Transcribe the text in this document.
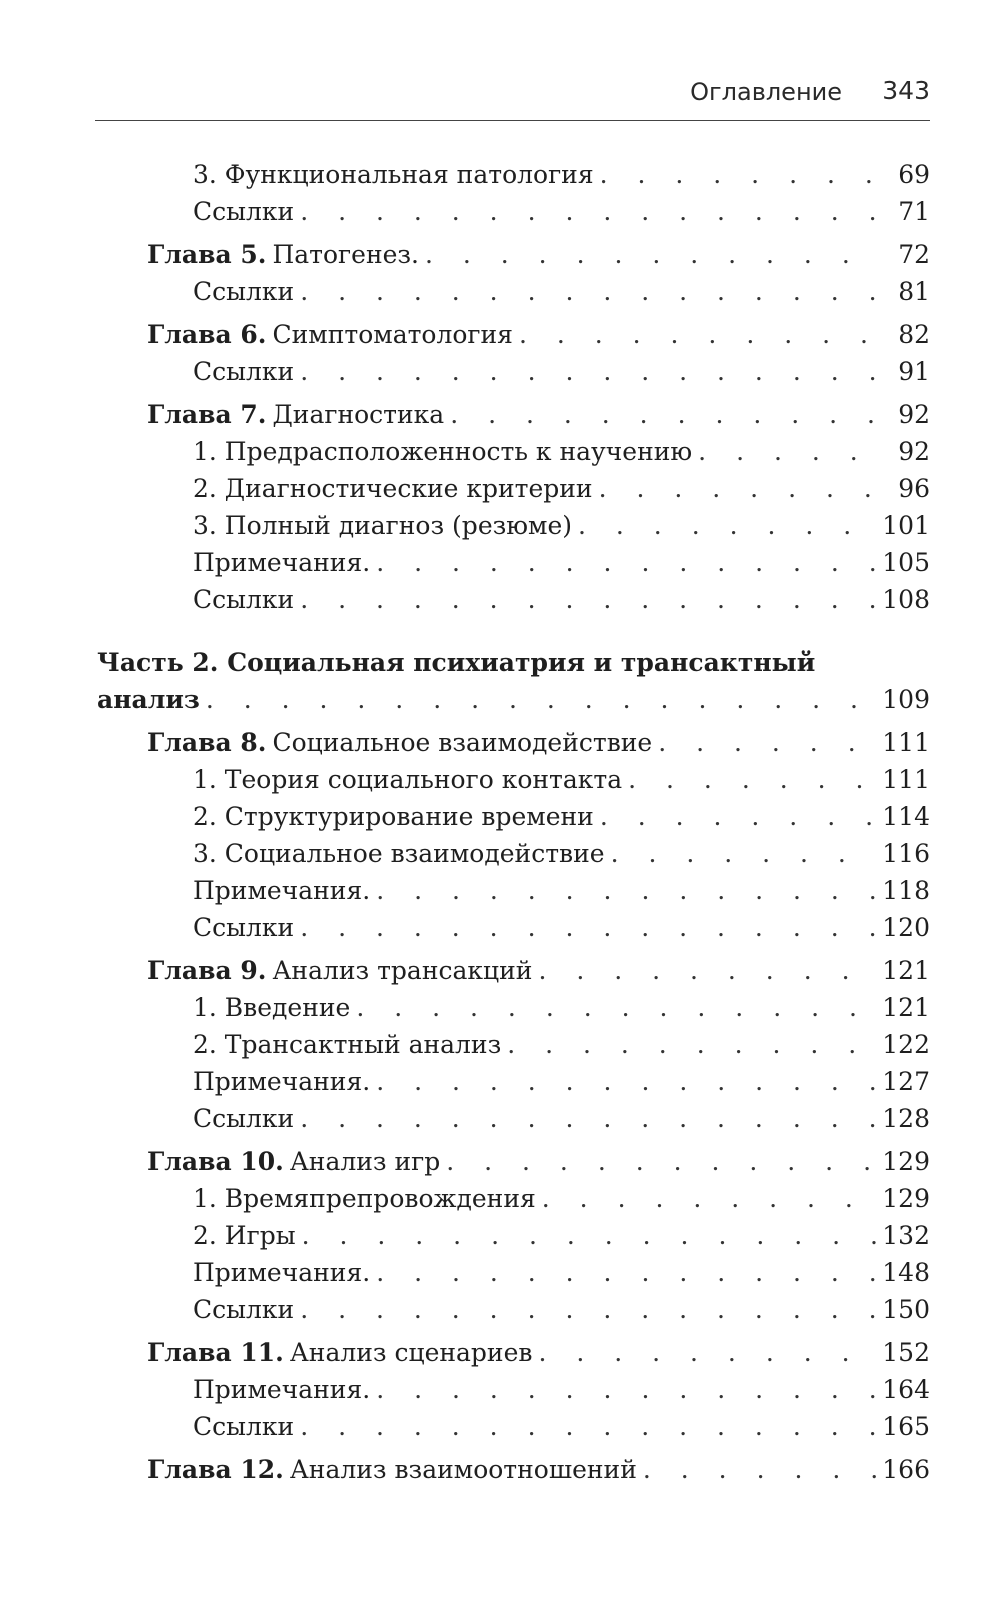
Оглавление 343
3. Функциональная патология . . .	69
Ссылки . . .	71
Глава 5. Патогенез. . . .	72
Ссылки . . .	81
Глава 6. Симптоматология . . .	82
Ссылки . . .	91
Глава 7. Диагностика . . .	92
1. Предрасположенность к научению . . .	92
2. Диагностические критерии . . .	96
3. Полный диагноз (резюме) . . .	101
Примечания. . . .	105
Ссылки . . .	108
Часть 2. Социальная психиатрия и трансактный
анализ . . .	109
Глава 8. Социальное взаимодействие . . .	111
1. Теория социального контакта . . .	111
2. Структурирование времени . . .	114
3. Социальное взаимодействие . . .	116
Примечания. . . .	118
Ссылки . . .	120
Глава 9. Анализ трансакций . . .	121
1. Введение . . .	121
2. Трансактный анализ . . .	122
Примечания. . . .	127
Ссылки . . .	128
Глава 10. Анализ игр . . .	129
1. Времяпрепровождения . . .	129
2. Игры . . .	132
Примечания. . . .	148
Ссылки . . .	150
Глава 11. Анализ сценариев . . .	152
Примечания. . . .	164
Ссылки . . .	165
Глава 12. Анализ взаимоотношений . . .	166
